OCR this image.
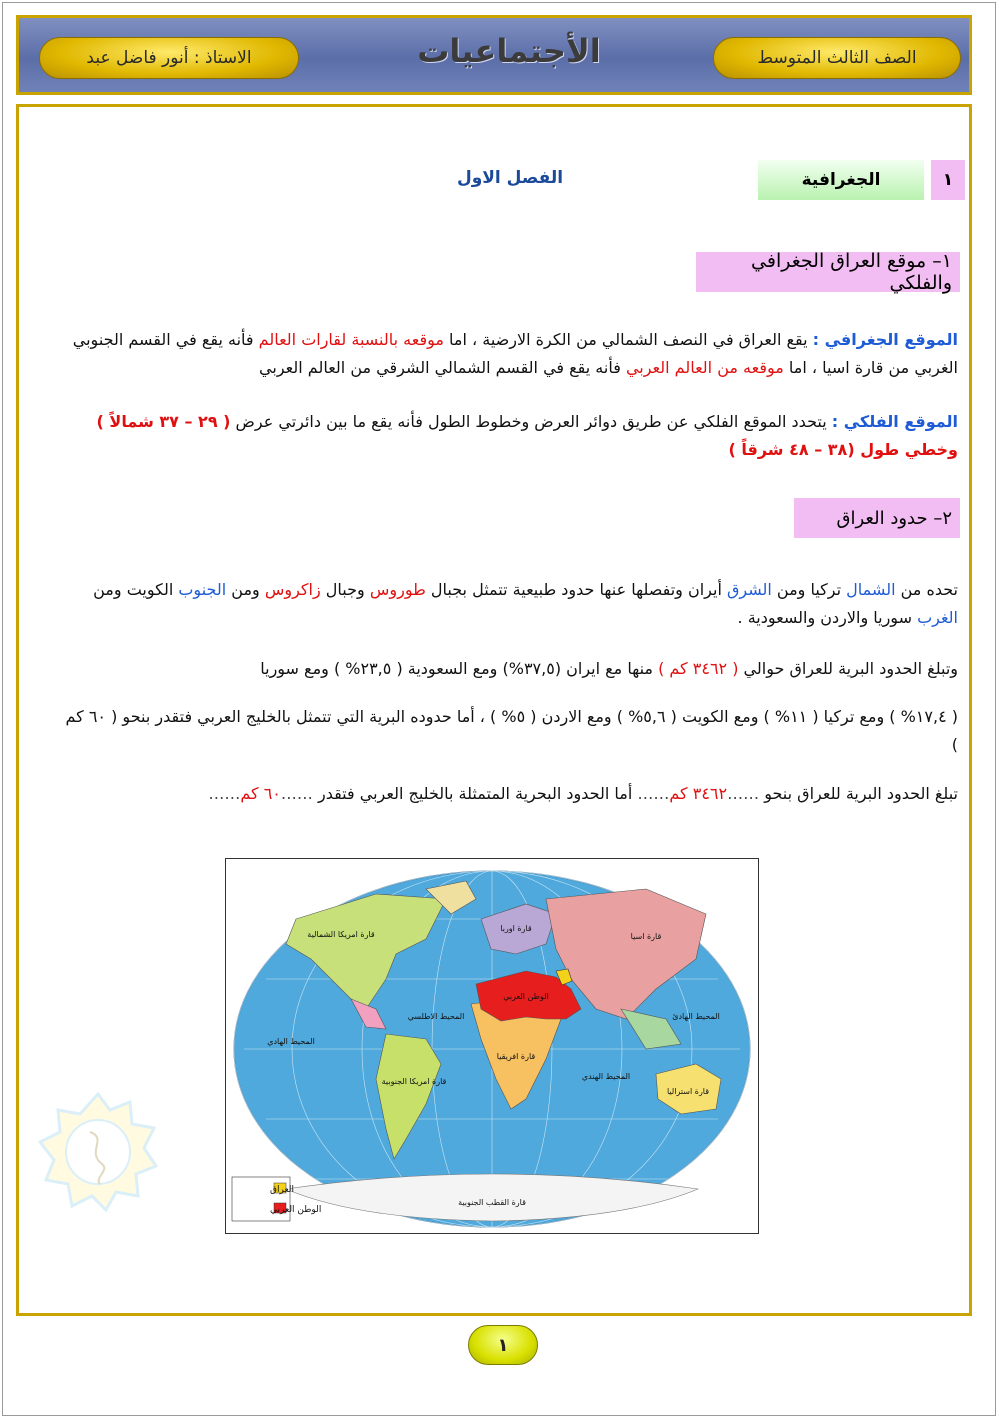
الصف الثالث المتوسط
الأجتماعيات
الاستاذ : أنور فاضل عبد
١
الجغرافية
الفصل الاول
١– موقع العراق الجغرافي والفلكي
الموقع الجغرافي : يقع العراق في النصف الشمالي من الكرة الارضية ، اما موقعه بالنسبة لقارات العالم فأنه يقع في القسم الجنوبي الغربي من قارة اسيا ، اما موقعه من العالم العربي فأنه يقع في القسم الشمالي الشرقي من العالم العربي
الموقع الفلكي : يتحدد الموقع الفلكي عن طريق دوائر العرض وخطوط الطول فأنه يقع ما بين دائرتي عرض ( ٢٩ – ٣٧ شمالاً ) وخطي طول (٣٨ – ٤٨ شرقاً )
٢– حدود العراق
تحده من الشمال تركيا ومن الشرق أيران وتفصلها عنها حدود طبيعية تتمثل بجبال طوروس وجبال زاكروس ومن الجنوب الكويت ومن الغرب سوريا والاردن والسعودية .
وتبلغ الحدود البرية للعراق حوالي ( ٣٤٦٢ كم ) منها مع ايران (٣٧,٥%) ومع السعودية ( ٢٣,٥% ) ومع سوريا
( ١٧,٤% ) ومع تركيا ( ١١% ) ومع الكويت ( ٥,٦% ) ومع الاردن ( ٥% ) ، أما حدوده البرية التي تتمثل بالخليج العربي فتقدر بنحو ( ٦٠ كم )
تبلغ الحدود البرية للعراق بنحو ……٣٤٦٢ كم…… أما الحدود البحرية المتمثلة بالخليج العربي فتقدر ……٦٠ كم……
قارة امريكا الشمالية
قارة امريكا الجنوبية
قارة افريقيا
قارة اوربا
قارة اسيا
قارة استراليا
قارة القطب الجنوبية
الوطن العربي
المحيط الاطلسي
المحيط الهادي
المحيط الهادئ
المحيط الهندي
العراق
الوطن العربي
١
